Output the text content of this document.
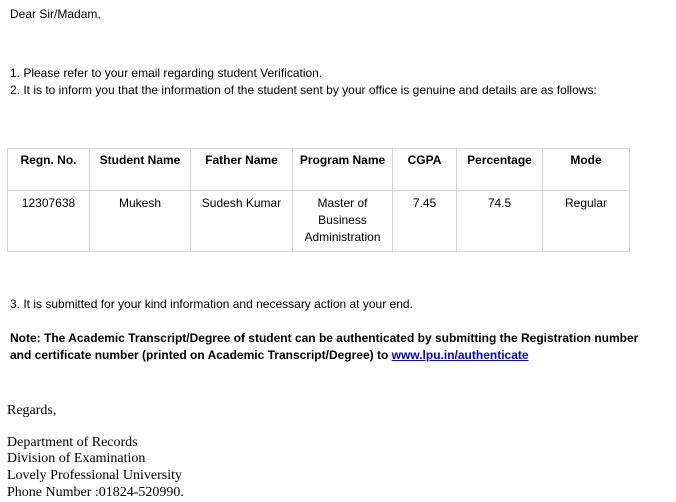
Dear Sir/Madam,
1. Please refer to your email regarding student Verification.
2. It is to inform you that the information of the student sent by your office is genuine and details are as follows:
Regn. No.	Student Name	Father Name	Program Name	CGPA	Percentage	Mode
12307638	Mukesh	Sudesh Kumar	Master of Business Administration	7.45	74.5	Regular
3. It is submitted for your kind information and necessary action at your end.
Note: The Academic Transcript/Degree of student can be authenticated by submitting the Registration number and certificate number (printed on Academic Transcript/Degree) to www.lpu.in/authenticate
Regards,
Department of Records
Division of Examination
Lovely Professional University
Phone Number :01824-520990.
